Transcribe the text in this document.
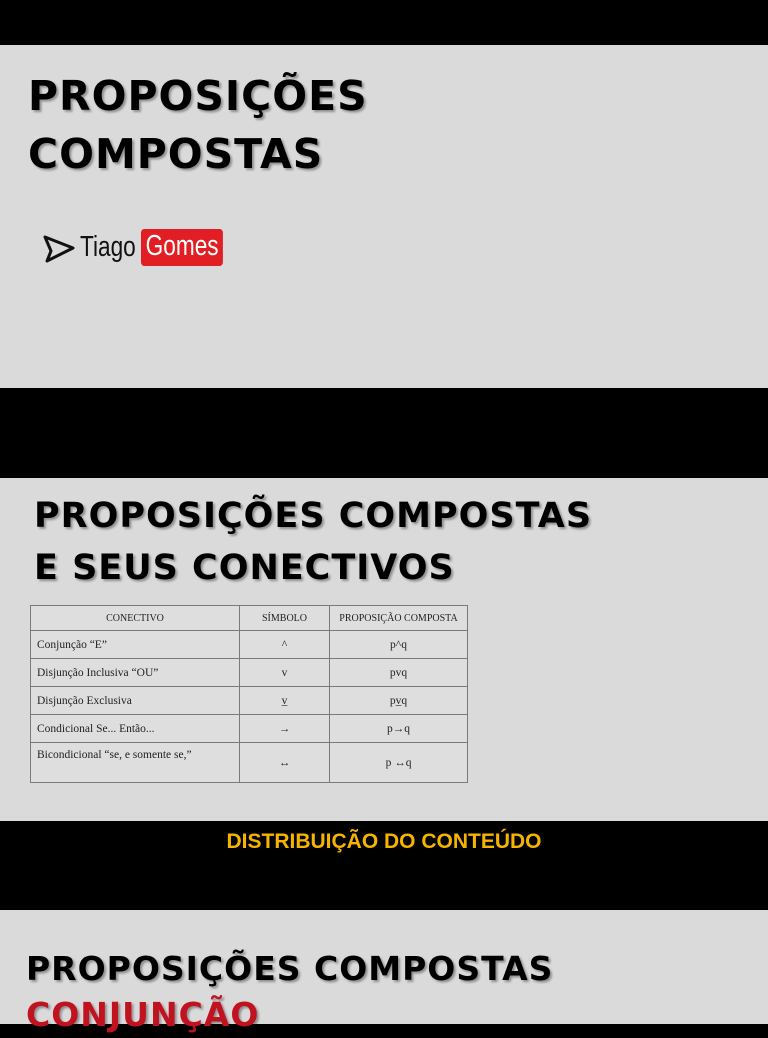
PROPOSIÇÕES
COMPOSTAS
Tiago Gomes
PROPOSIÇÕES COMPOSTAS
E SEUS CONECTIVOS
CONECTIVO	SÍMBOLO	PROPOSIÇÃO COMPOSTA
Conjunção “E”	^	p^q
Disjunção Inclusiva “OU”	v	pvq
Disjunção Exclusiva	v̲	pv̲q
Condicional Se... Então...	→	p→q
Bicondicional “se, e somente se,”	↔	p ↔q
DISTRIBUIÇÃO DO CONTEÚDO
PROPOSIÇÕES COMPOSTAS
CONJUNÇÃO
